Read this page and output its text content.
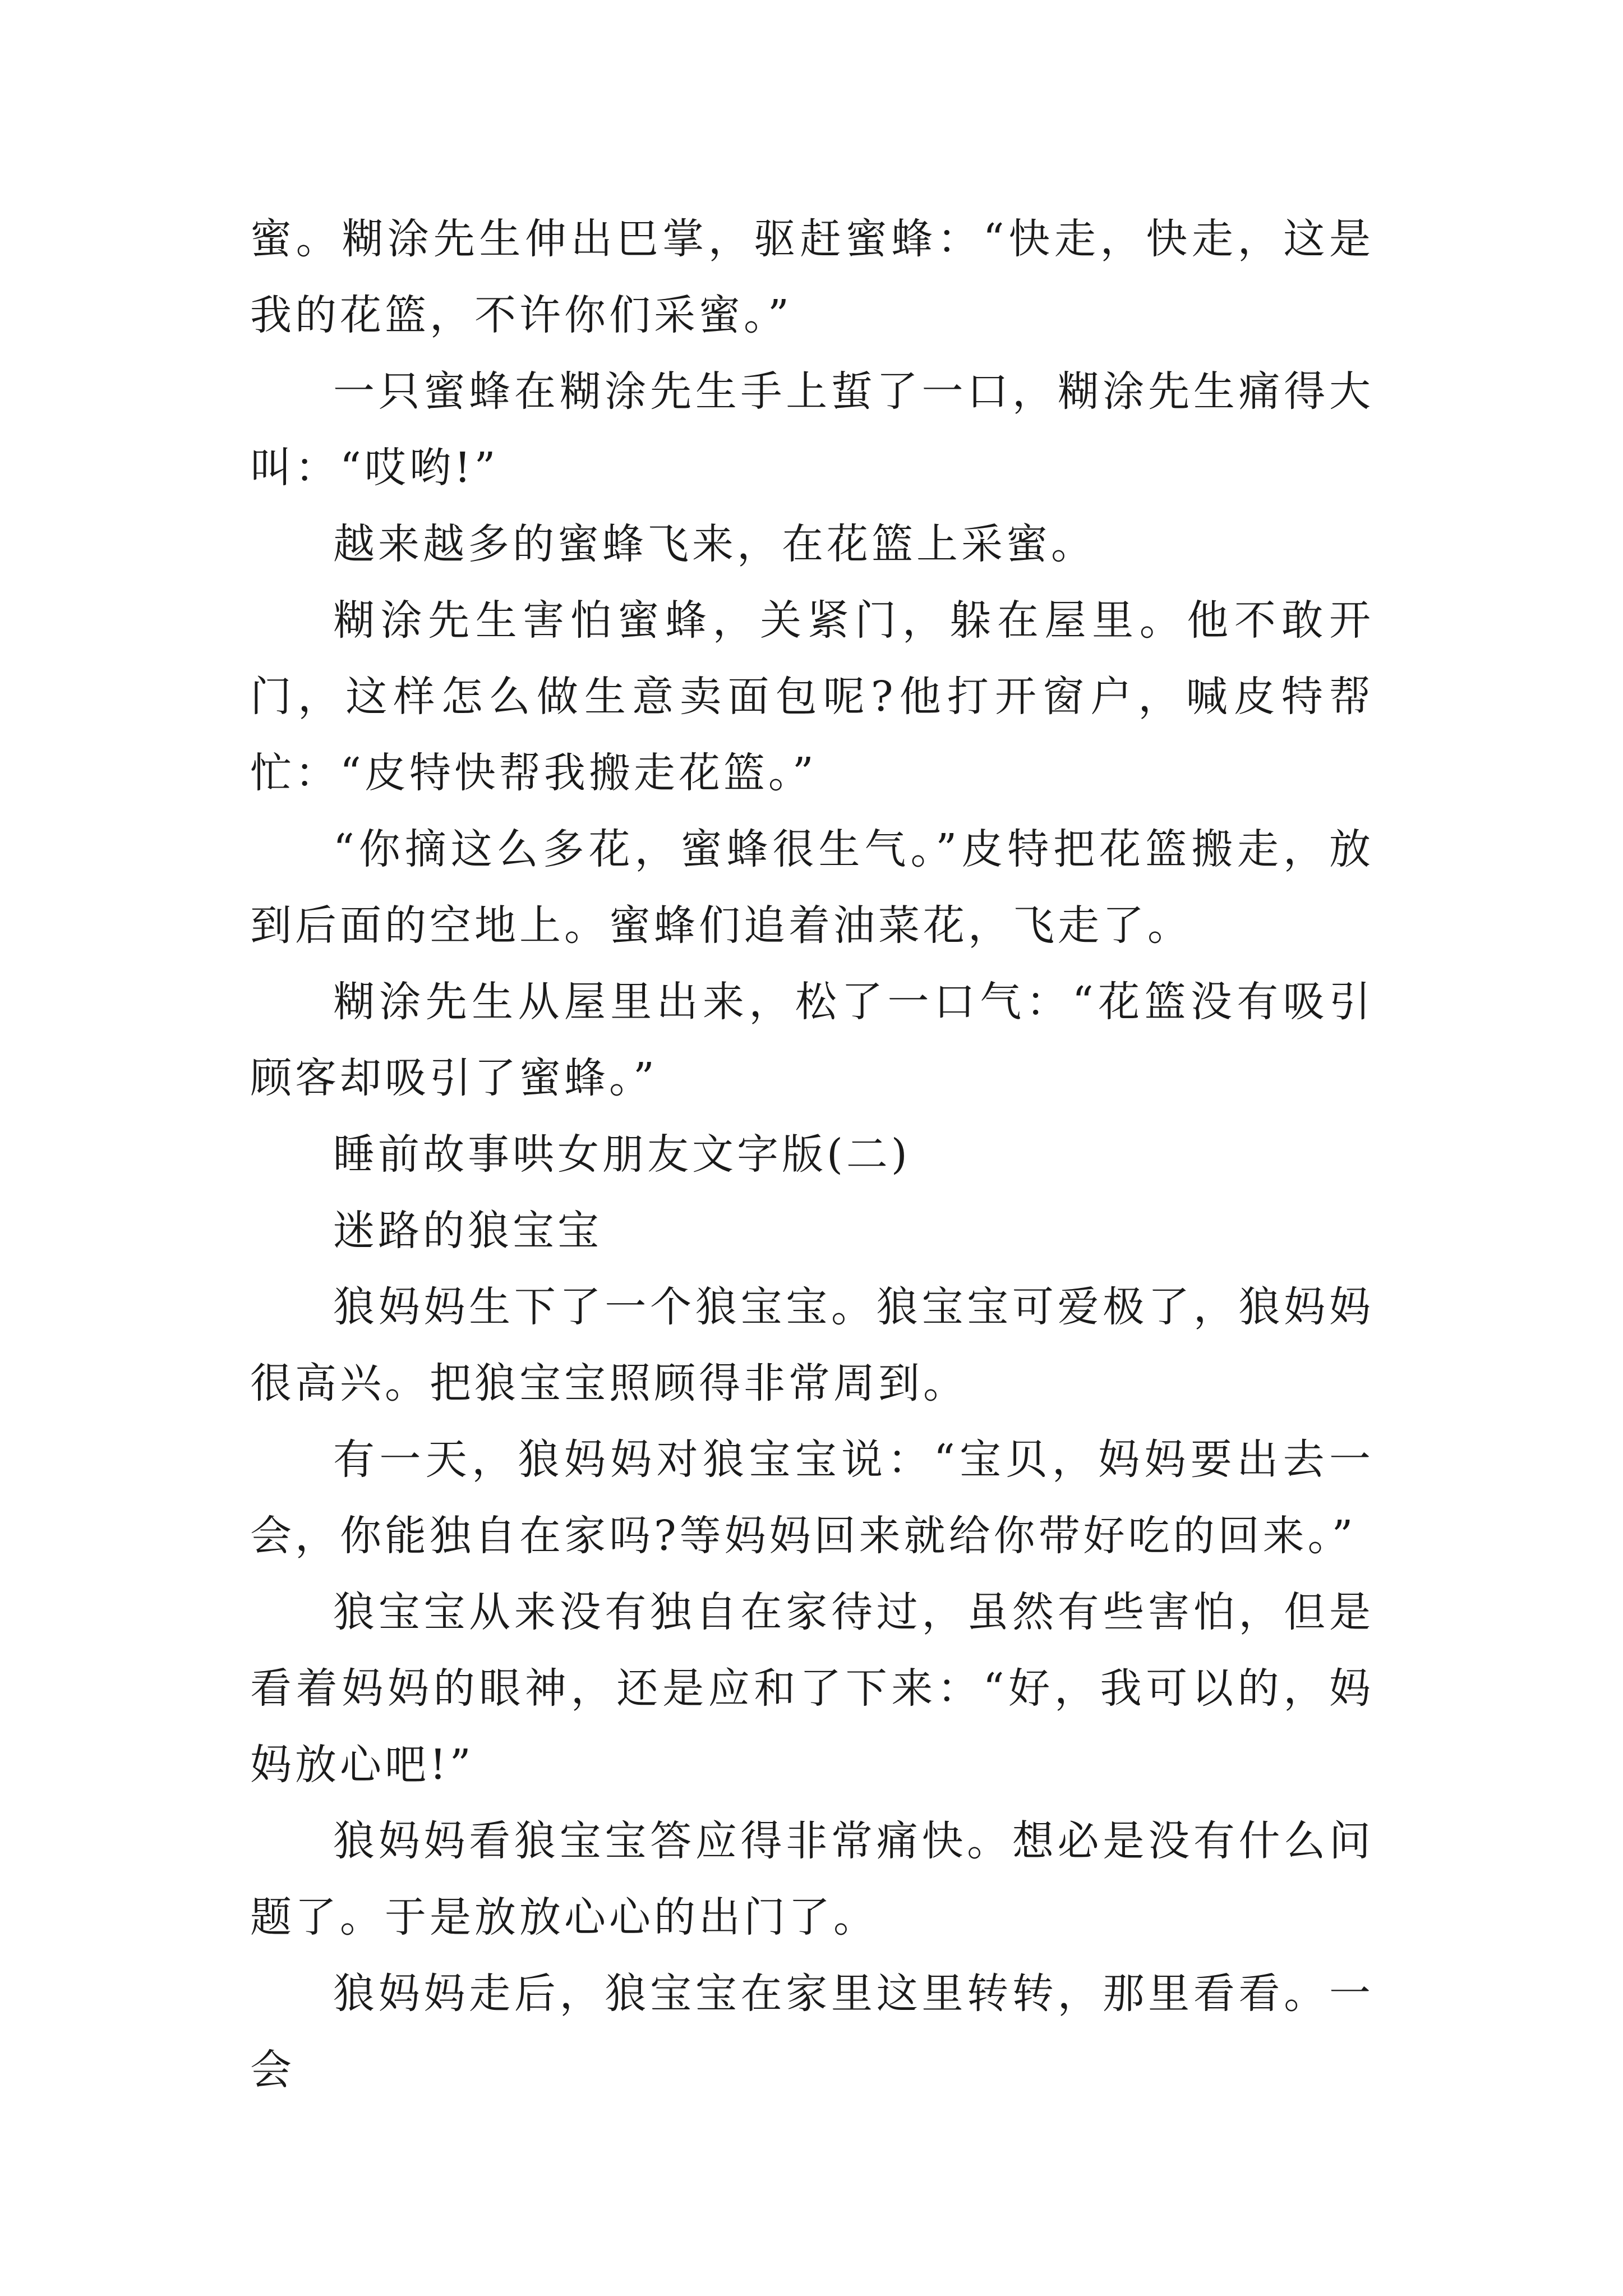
蜜。糊涂先生伸出巴掌，驱赶蜜蜂：“快走，快走，这是我的花篮，不许你们采蜜。”

一只蜜蜂在糊涂先生手上蜇了一口，糊涂先生痛得大叫：“哎哟!”

越来越多的蜜蜂飞来，在花篮上采蜜。

糊涂先生害怕蜜蜂，关紧门，躲在屋里。他不敢开门，这样怎么做生意卖面包呢?他打开窗户，喊皮特帮忙：“皮特快帮我搬走花篮。”

“你摘这么多花，蜜蜂很生气。”皮特把花篮搬走，放到后面的空地上。蜜蜂们追着油菜花，飞走了。

糊涂先生从屋里出来，松了一口气：“花篮没有吸引顾客却吸引了蜜蜂。”

睡前故事哄女朋友文字版(二)

迷路的狼宝宝

狼妈妈生下了一个狼宝宝。狼宝宝可爱极了，狼妈妈很高兴。把狼宝宝照顾得非常周到。

有一天，狼妈妈对狼宝宝说：“宝贝，妈妈要出去一会，你能独自在家吗?等妈妈回来就给你带好吃的回来。”

狼宝宝从来没有独自在家待过，虽然有些害怕，但是看着妈妈的眼神，还是应和了下来：“好，我可以的，妈妈放心吧!”

狼妈妈看狼宝宝答应得非常痛快。想必是没有什么问题了。于是放放心心的出门了。

狼妈妈走后，狼宝宝在家里这里转转，那里看看。一会
